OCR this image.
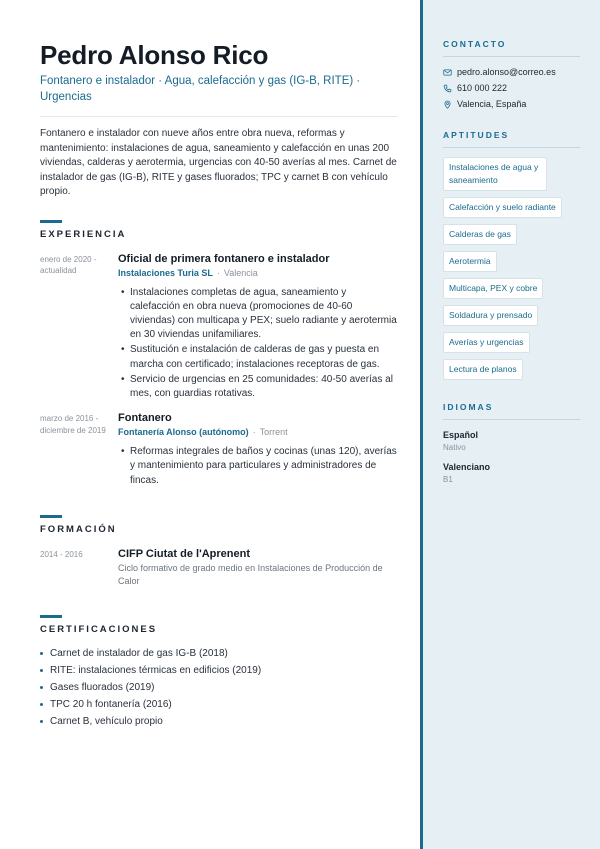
Pedro Alonso Rico
Fontanero e instalador · Agua, calefacción y gas (IG-B, RITE) · Urgencias
Fontanero e instalador con nueve años entre obra nueva, reformas y mantenimiento: instalaciones de agua, saneamiento y calefacción en unas 200 viviendas, calderas y aerotermia, urgencias con 40-50 averías al mes. Carnet de instalador de gas (IG-B), RITE y gases fluorados; TPC y carnet B con vehículo propio.
EXPERIENCIA
enero de 2020 - actualidad
Oficial de primera fontanero e instalador
Instalaciones Turia SL · Valencia
• Instalaciones completas de agua, saneamiento y calefacción en obra nueva (promociones de 40-60 viviendas) con multicapa y PEX; suelo radiante y aerotermia en 30 viviendas unifamiliares.
• Sustitución e instalación de calderas de gas y puesta en marcha con certificado; instalaciones receptoras de gas.
• Servicio de urgencias en 25 comunidades: 40-50 averías al mes, con guardias rotativas.
marzo de 2016 - diciembre de 2019
Fontanero
Fontanería Alonso (autónomo) · Torrent
• Reformas integrales de baños y cocinas (unas 120), averías y mantenimiento para particulares y administradores de fincas.
FORMACIÓN
2014 - 2016	CIFP Ciutat de l'Aprenent
Ciclo formativo de grado medio en Instalaciones de Producción de Calor
CERTIFICACIONES
Carnet de instalador de gas IG-B (2018)
RITE: instalaciones térmicas en edificios (2019)
Gases fluorados (2019)
TPC 20 h fontanería (2016)
Carnet B, vehículo propio
CONTACTO
pedro.alonso@correo.es
610 000 222
Valencia, España
APTITUDES
Instalaciones de agua y saneamiento
Calefacción y suelo radiante
Calderas de gas
Aerotermia
Multicapa, PEX y cobre
Soldadura y prensado
Averías y urgencias
Lectura de planos
IDIOMAS
Español
Nativo
Valenciano
B1
